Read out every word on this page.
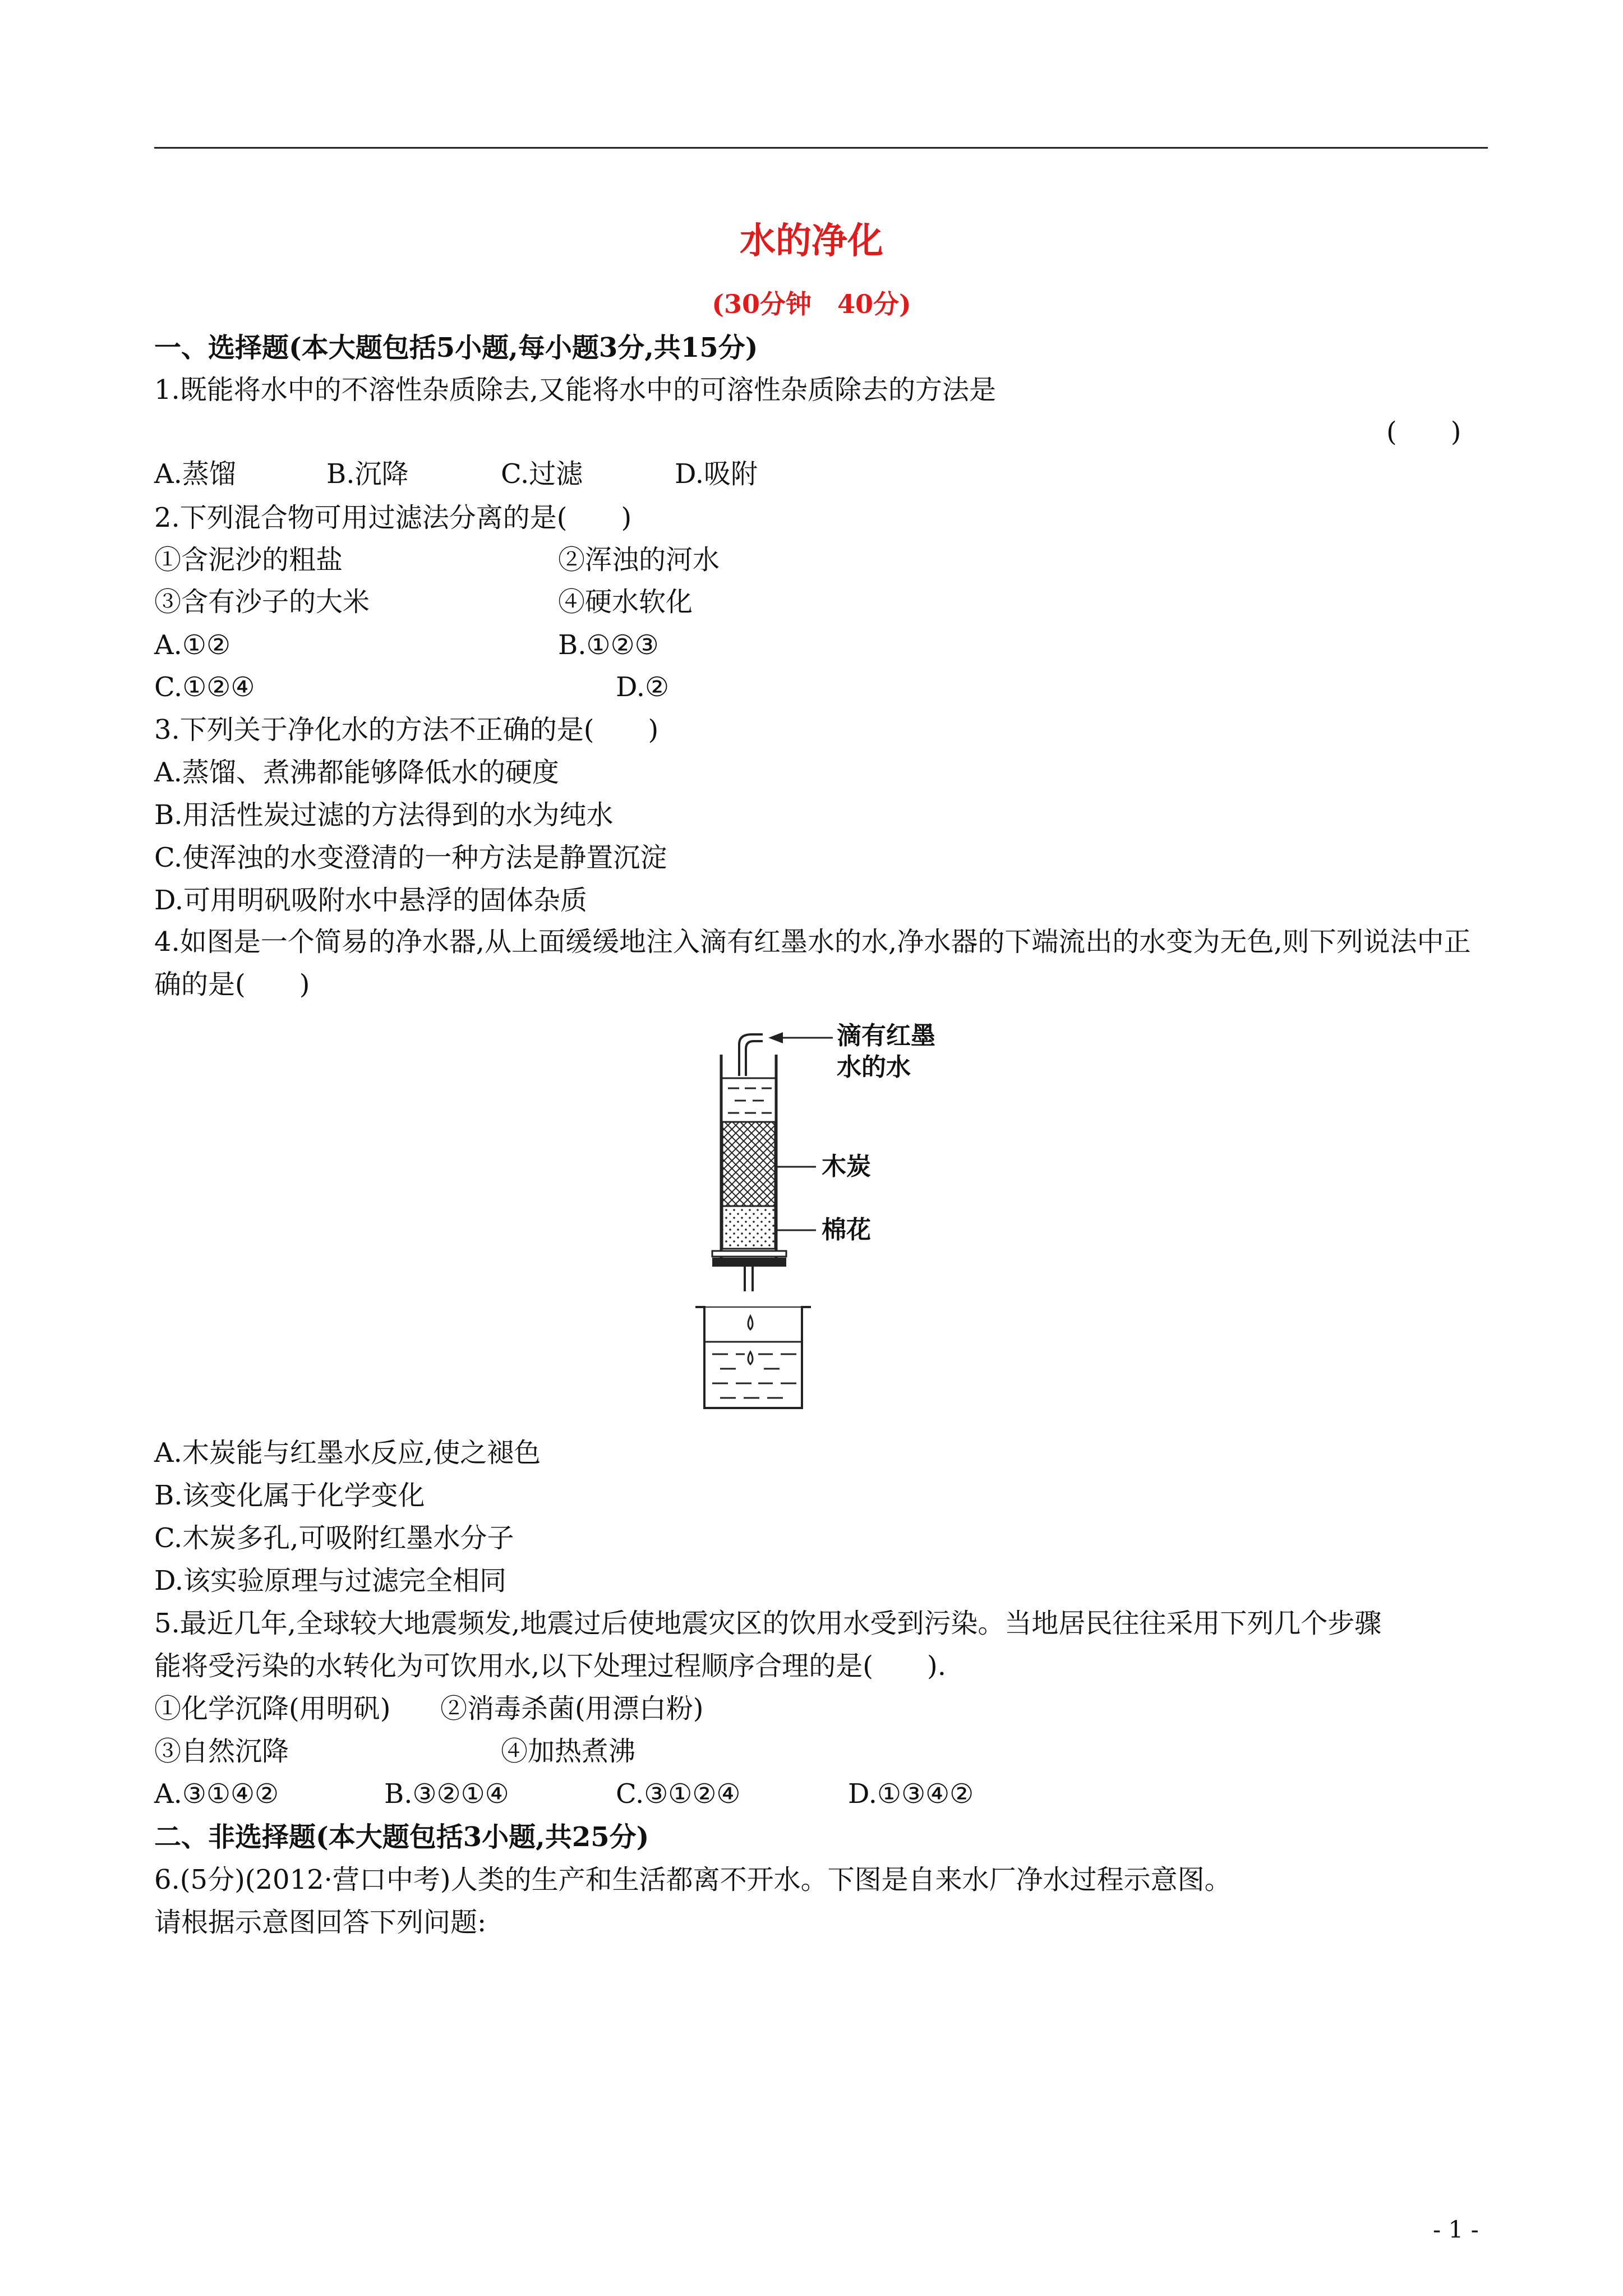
水的净化
(30分钟　40分)
一、选择题(本大题包括5小题,每小题3分,共15分)
1.既能将水中的不溶性杂质除去,又能将水中的可溶性杂质除去的方法是
(　　)
A.蒸馏	B.沉降	C.过滤	D.吸附
2.下列混合物可用过滤法分离的是(　　)
①含泥沙的粗盐	②浑浊的河水
③含有沙子的大米	④硬水软化
A.①②	B.①②③
C.①②④	D.②
3.下列关于净化水的方法不正确的是(　　)
A.蒸馏、煮沸都能够降低水的硬度
B.用活性炭过滤的方法得到的水为纯水
C.使浑浊的水变澄清的一种方法是静置沉淀
D.可用明矾吸附水中悬浮的固体杂质
4.如图是一个简易的净水器,从上面缓缓地注入滴有红墨水的水,净水器的下端流出的水变为无色,则下列说法中正确的是(　　)
滴有红墨
水的水
木炭
棉花
A.木炭能与红墨水反应,使之褪色
B.该变化属于化学变化
C.木炭多孔,可吸附红墨水分子
D.该实验原理与过滤完全相同
5.最近几年,全球较大地震频发,地震过后使地震灾区的饮用水受到污染。当地居民往往采用下列几个步骤
能将受污染的水转化为可饮用水,以下处理过程顺序合理的是(　　).
①化学沉降(用明矾) ②消毒杀菌(用漂白粉)
③自然沉降	④加热煮沸
A.③①④②	B.③②①④	C.③①②④	D.①③④②
二、非选择题(本大题包括3小题,共25分)
6.(5分)(2012·营口中考)人类的生产和生活都离不开水。下图是自来水厂净水过程示意图。
请根据示意图回答下列问题:
- 1 -
